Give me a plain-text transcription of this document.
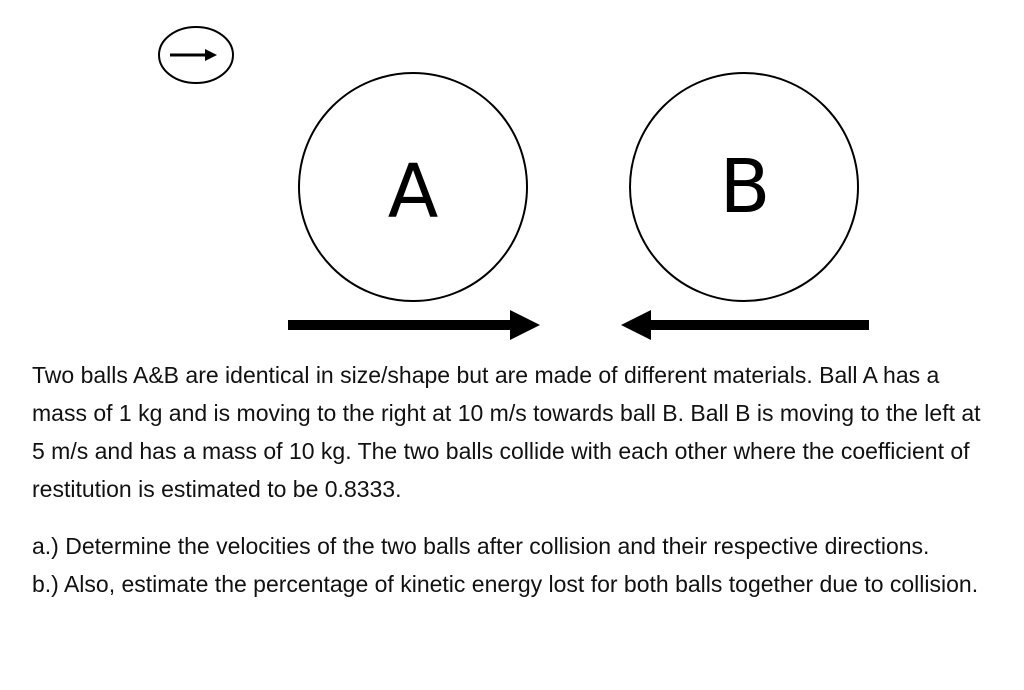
A	B

Two balls A&B are identical in size/shape but are made of different materials. Ball A has a mass of 1 kg and is moving to the right at 10 m/s towards ball B. Ball B is moving to the left at 5 m/s and has a mass of 10 kg. The two balls collide with each other where the coefficient of restitution is estimated to be 0.8333.

a.) Determine the velocities of the two balls after collision and their respective directions.

b.) Also, estimate the percentage of kinetic energy lost for both balls together due to collision.
